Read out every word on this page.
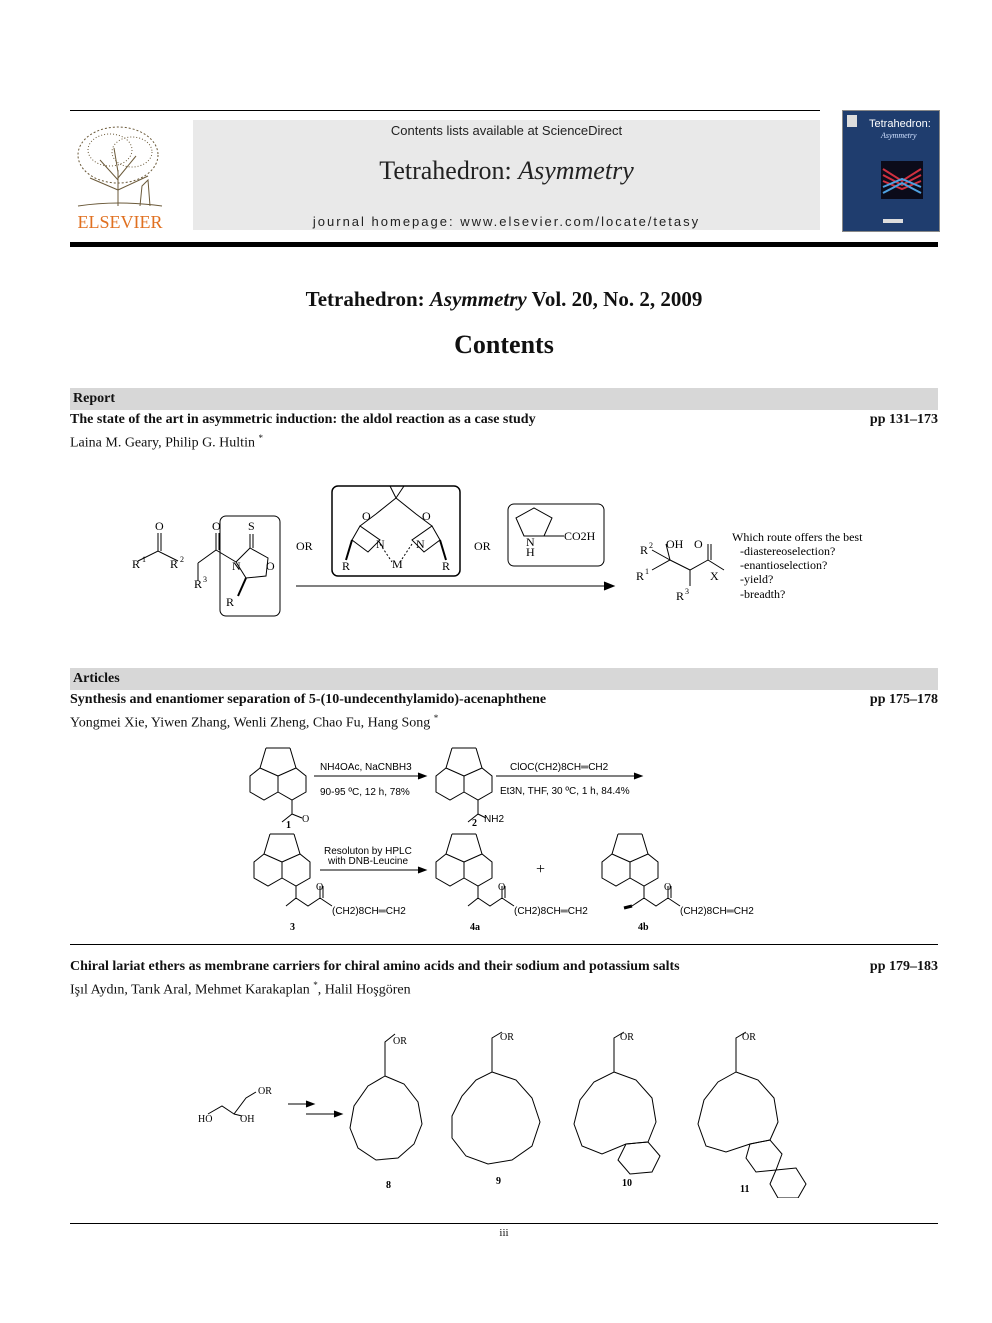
ELSEVIER
Contents lists available at ScienceDirect
Tetrahedron: Asymmetry
journal homepage: www.elsevier.com/locate/tetasy
Tetrahedron:
Asymmetry
Tetrahedron: Asymmetry Vol. 20, No. 2, 2009
Contents
Report
The state of the art in asymmetric induction: the aldol reaction as a case study	pp 131–173
Laina M. Geary, Philip G. Hultin *
O
R 1 R 2
O
R 3
S
N O
R
OR
O	O
N	N
M
R	R
OR	N
H
CO2H
R 2 OH O
R 1	X
R 3
Which route offers the best
-diastereoselection?
-enantioselection?
-yield?
-breadth?
Articles
Synthesis and enantiomer separation of 5-(10-undecenthylamido)-acenaphthene	pp 175–178
Yongmei Xie, Yiwen Zhang, Wenli Zheng, Chao Fu, Hang Song *
NH4OAc, NaCNBH3
90-95 ºC, 12 h, 78%
ClOC(CH2)8CH═CH2
Et3N, THF, 30 ºC, 1 h, 84.4%
Resoluton by HPLC
with DNB-Leucine	+
O	NH2
1	2
O
(CH2)8CH═CH2
3
O
(CH2)8CH═CH2
4a
O
(CH2)8CH═CH2
4b
Chiral lariat ethers as membrane carriers for chiral amino acids and their sodium and potassium salts	pp 179–183
Işıl Aydın, Tarık Aral, Mehmet Karakaplan *, Halil Hoşgören
OR
HO	OH
OR	OR	OR	OR
8	9	10
11
iii
